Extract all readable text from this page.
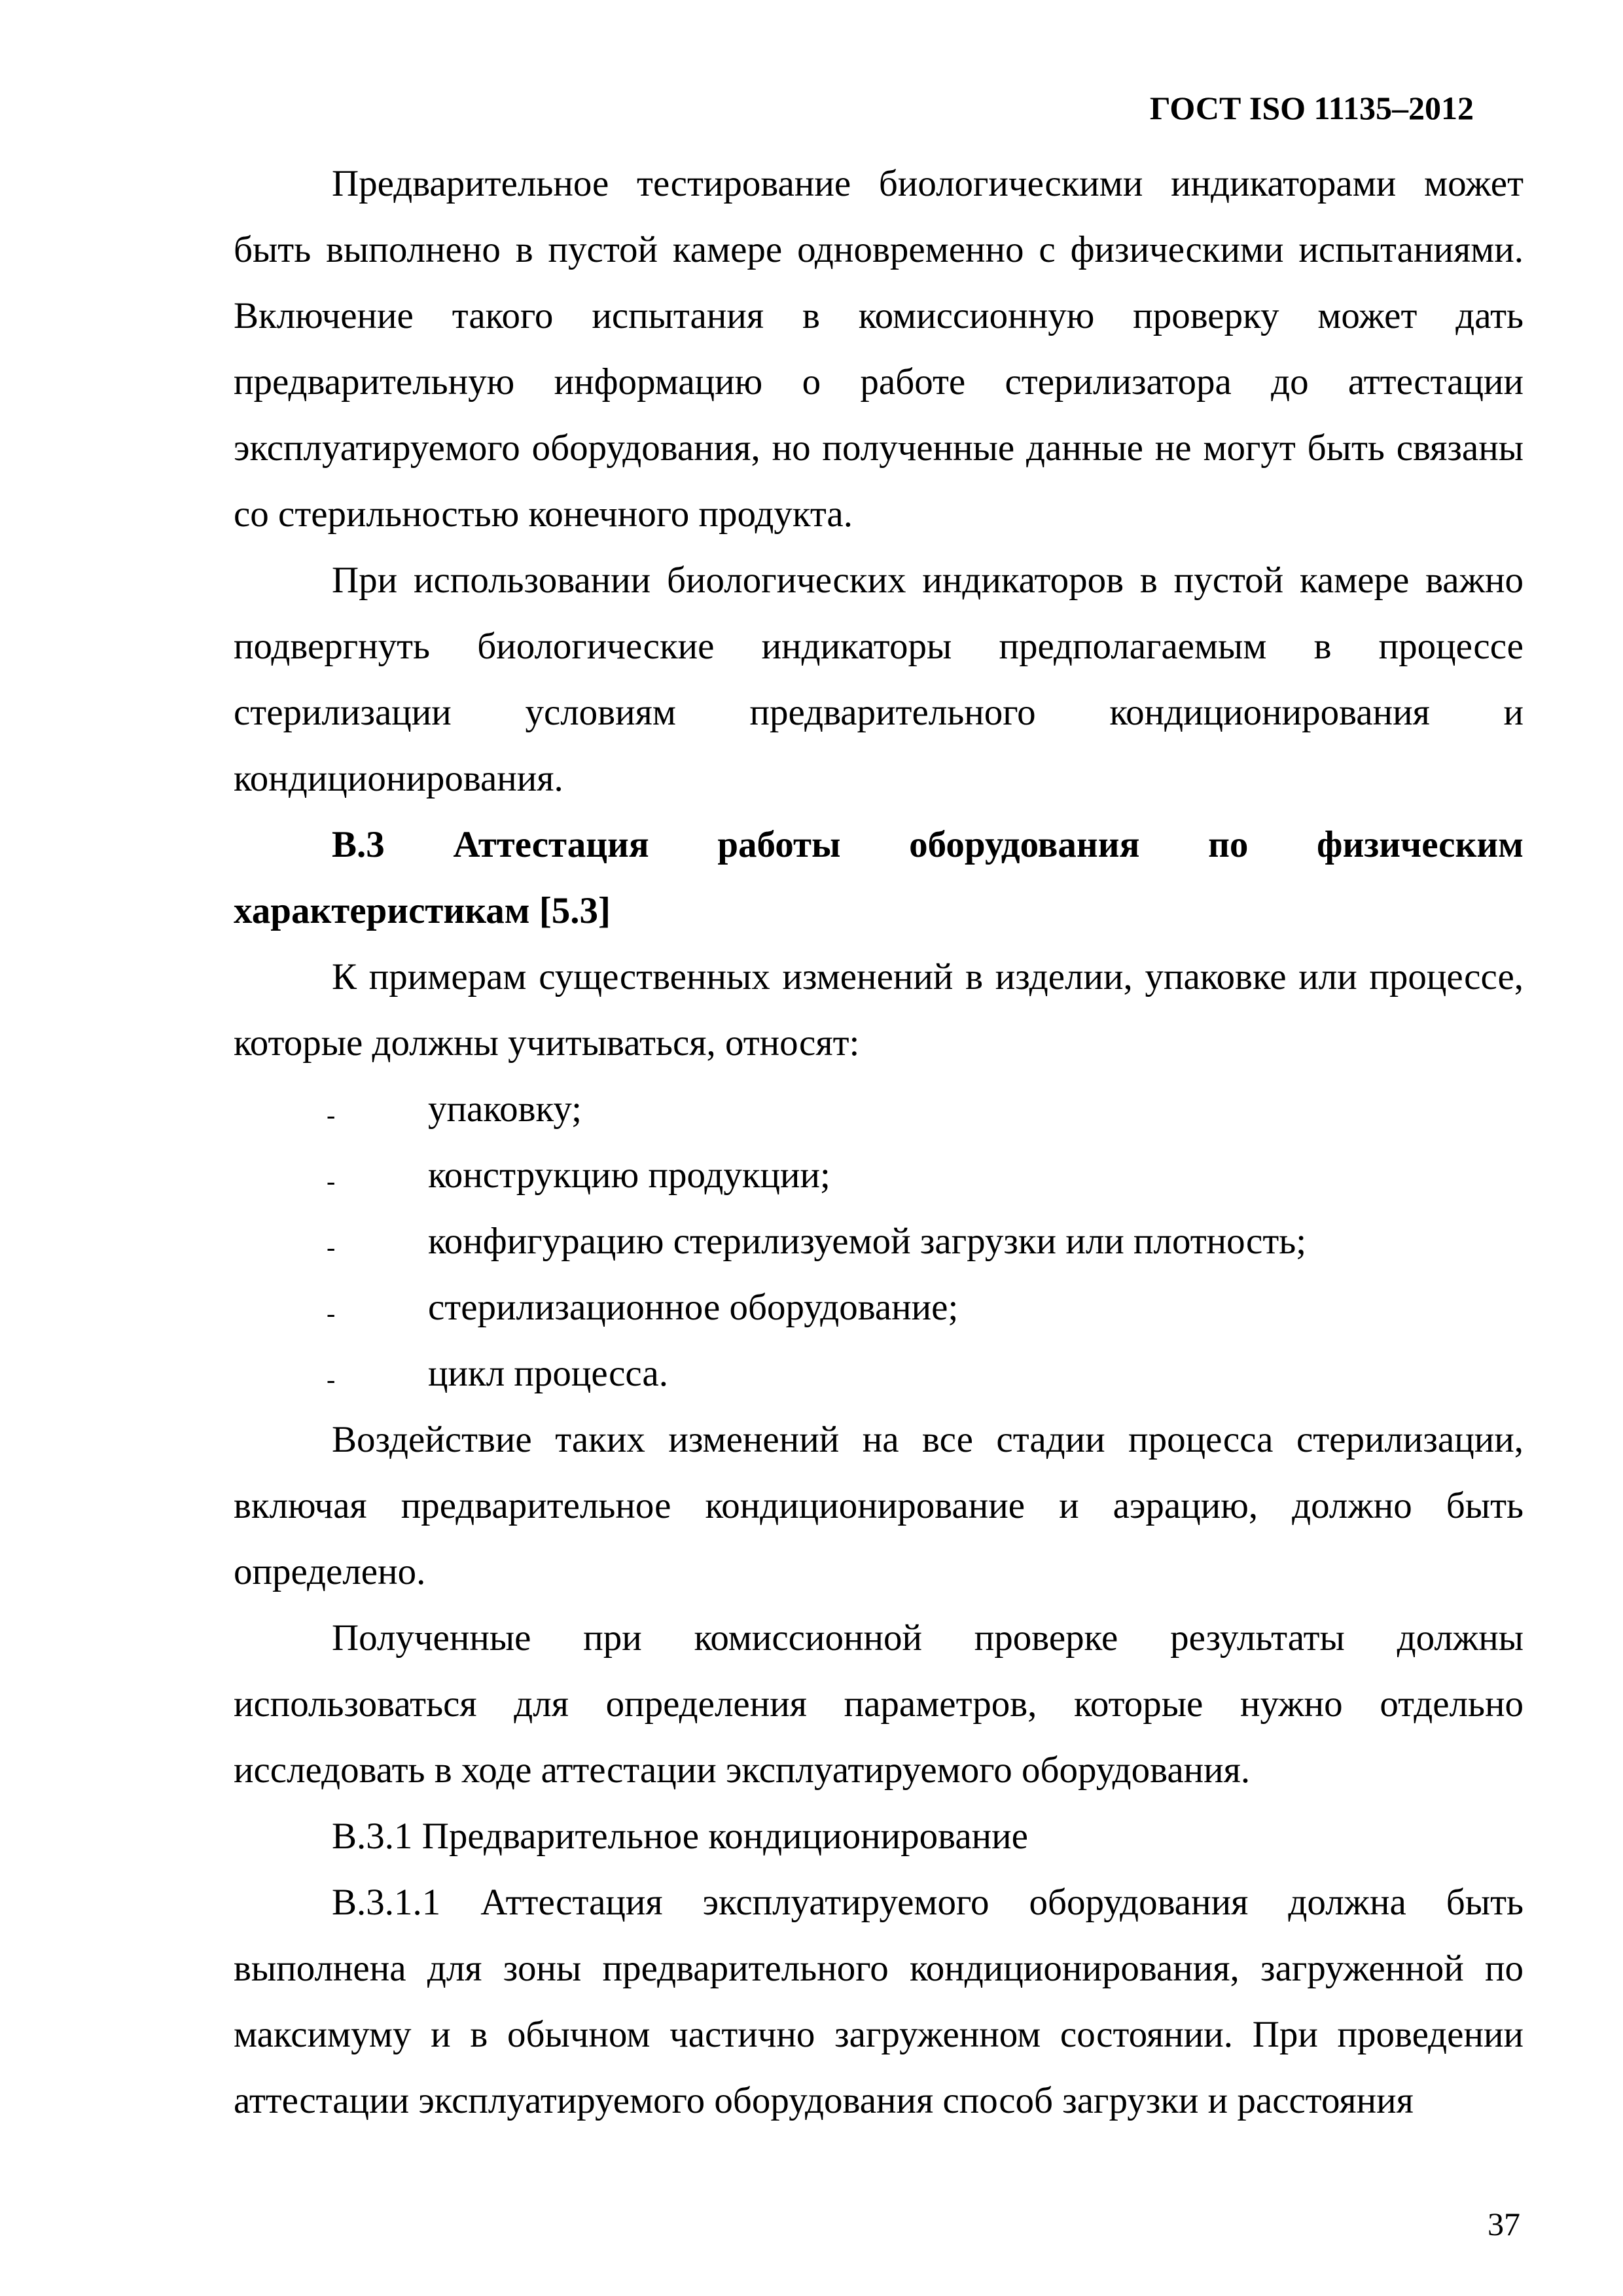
ГОСТ ISO 11135–2012

Предварительное тестирование биологическими индикаторами может быть выполнено в пустой камере одновременно с физическими испытаниями. Включение такого испытания в комиссионную проверку может дать предварительную информацию о работе стерилизатора до аттестации эксплуатируемого оборудования, но полученные данные не могут быть связаны со стерильностью конечного продукта.

При использовании биологических индикаторов в пустой камере важно подвергнуть биологические индикаторы предполагаемым в процессе стерилизации условиям предварительного кондиционирования и кондиционирования.

В.3 Аттестация работы оборудования по физическим характеристикам [5.3]

К примерам существенных изменений в изделии, упаковке или процессе, которые должны учитываться, относят:

- упаковку;
- конструкцию продукции;
- конфигурацию стерилизуемой загрузки или плотность;
- стерилизационное оборудование;
- цикл процесса.

Воздействие таких изменений на все стадии процесса стерилизации, включая предварительное кондиционирование и аэрацию, должно быть определено.

Полученные при комиссионной проверке результаты должны использоваться для определения параметров, которые нужно отдельно исследовать в ходе аттестации эксплуатируемого оборудования.

В.3.1 Предварительное кондиционирование

В.3.1.1 Аттестация эксплуатируемого оборудования должна быть выполнена для зоны предварительного кондиционирования, загруженной по максимуму и в обычном частично загруженном состоянии. При проведении аттестации эксплуатируемого оборудования способ загрузки и расстояния

37
